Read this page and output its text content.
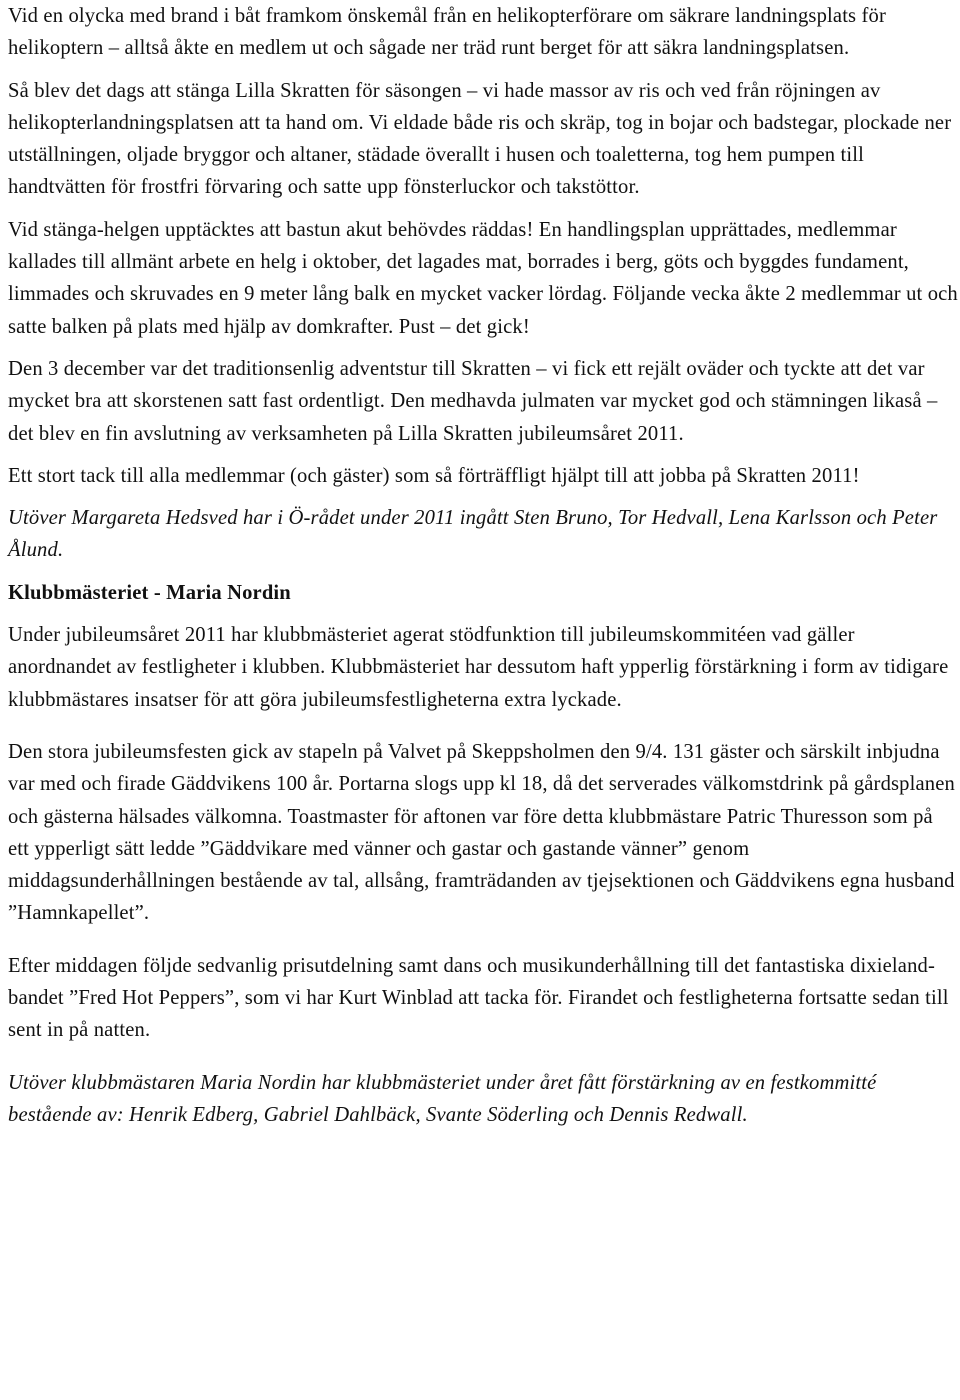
Vid en olycka med brand i båt framkom önskemål från en helikopterförare om säkrare landningsplats för helikoptern – alltså åkte en medlem ut och sågade ner träd runt berget för att säkra landningsplatsen.

Så blev det dags att stänga Lilla Skratten för säsongen – vi hade massor av ris och ved från röjningen av helikopterlandningsplatsen att ta hand om. Vi eldade både ris och skräp, tog in bojar och badstegar, plockade ner utställningen, oljade bryggor och altaner, städade överallt i husen och toaletterna, tog hem pumpen till handtvätten för frostfri förvaring och satte upp fönsterluckor och takstöttor.

Vid stänga-helgen upptäcktes att bastun akut behövdes räddas! En handlingsplan upprättades, medlemmar kallades till allmänt arbete en helg i oktober, det lagades mat, borrades i berg, göts och byggdes fundament, limmades och skruvades en 9 meter lång balk en mycket vacker lördag. Följande vecka åkte 2 medlemmar ut och satte balken på plats med hjälp av domkrafter. Pust – det gick!

Den 3 december var det traditionsenlig adventstur till Skratten – vi fick ett rejält oväder och tyckte att det var mycket bra att skorstenen satt fast ordentligt. Den medhavda julmaten var mycket god och stämningen likaså – det blev en fin avslutning av verksamheten på Lilla Skratten jubileumsåret 2011.

Ett stort tack till alla medlemmar (och gäster) som så förträffligt hjälpt till att jobba på Skratten 2011!

Utöver Margareta Hedsved har i Ö-rådet under 2011 ingått Sten Bruno, Tor Hedvall, Lena Karlsson och Peter Ålund.

Klubbmästeriet - Maria Nordin

Under jubileumsåret 2011 har klubbmästeriet agerat stödfunktion till jubileumskommitéen vad gäller anordnandet av festligheter i klubben. Klubbmästeriet har dessutom haft ypperlig förstärkning i form av tidigare klubbmästares insatser för att göra jubileumsfestligheterna extra lyckade.

Den stora jubileumsfesten gick av stapeln på Valvet på Skeppsholmen den 9/4. 131 gäster och särskilt inbjudna var med och firade Gäddvikens 100 år. Portarna slogs upp kl 18, då det serverades välkomstdrink på gårdsplanen och gästerna hälsades välkomna. Toastmaster för aftonen var före detta klubbmästare Patric Thuresson som på ett ypperligt sätt ledde ”Gäddvikare med vänner och gastar och gastande vänner” genom middagsunderhållningen bestående av tal, allsång, framträdanden av tjejsektionen och Gäddvikens egna husband ”Hamnkapellet”.

Efter middagen följde sedvanlig prisutdelning samt dans och musikunderhållning till det fantastiska dixieland-bandet ”Fred Hot Peppers”, som vi har Kurt Winblad att tacka för. Firandet och festligheterna fortsatte sedan till sent in på natten.

Utöver klubbmästaren Maria Nordin har klubbmästeriet under året fått förstärkning av en festkommitté bestående av: Henrik Edberg, Gabriel Dahlbäck, Svante Söderling och Dennis Redwall.
